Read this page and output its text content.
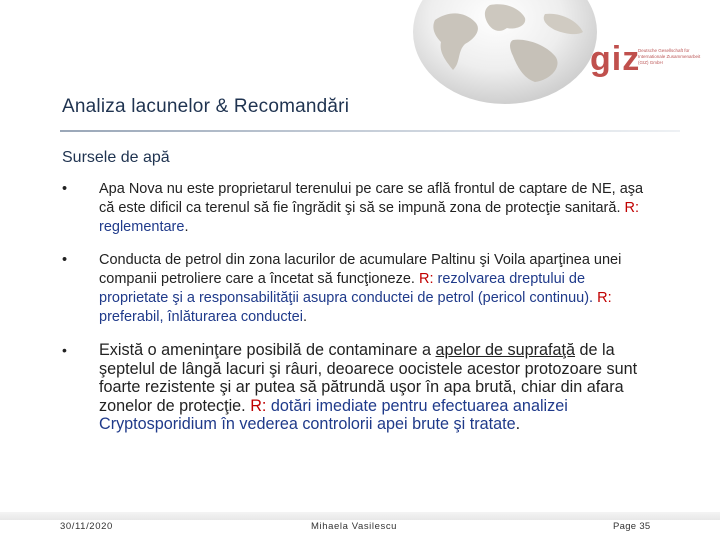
giz
Deutsche Gesellschaft für Internationale Zusammenarbeit (GIZ) GmbH
Analiza lacunelor & Recomandări
Sursele de apă
• Apa Nova nu este proprietarul terenului pe care se află frontul de captare de NE, aşa că este dificil ca terenul să fie îngrădit şi să se impună zona de protecţie sanitară. R: reglementare.
• Conducta de petrol din zona lacurilor de acumulare Paltinu şi Voila aparţinea unei companii petroliere care a încetat să funcţioneze. R: rezolvarea dreptului de proprietate şi a responsabilităţii asupra conductei de petrol (pericol continuu). R: preferabil, înlăturarea conductei.
• Există o ameninţare posibilă de contaminare a apelor de suprafaţă de la şeptelul de lângă lacuri şi râuri, deoarece oocistele acestor protozoare sunt foarte rezistente şi ar putea să pătrundă uşor în apa brută, chiar din afara zonelor de protecţie. R: dotări imediate pentru efectuarea analizei Cryptosporidium în vederea controlorii apei brute şi tratate.
30/11/2020	Mihaela Vasilescu	Page 35
